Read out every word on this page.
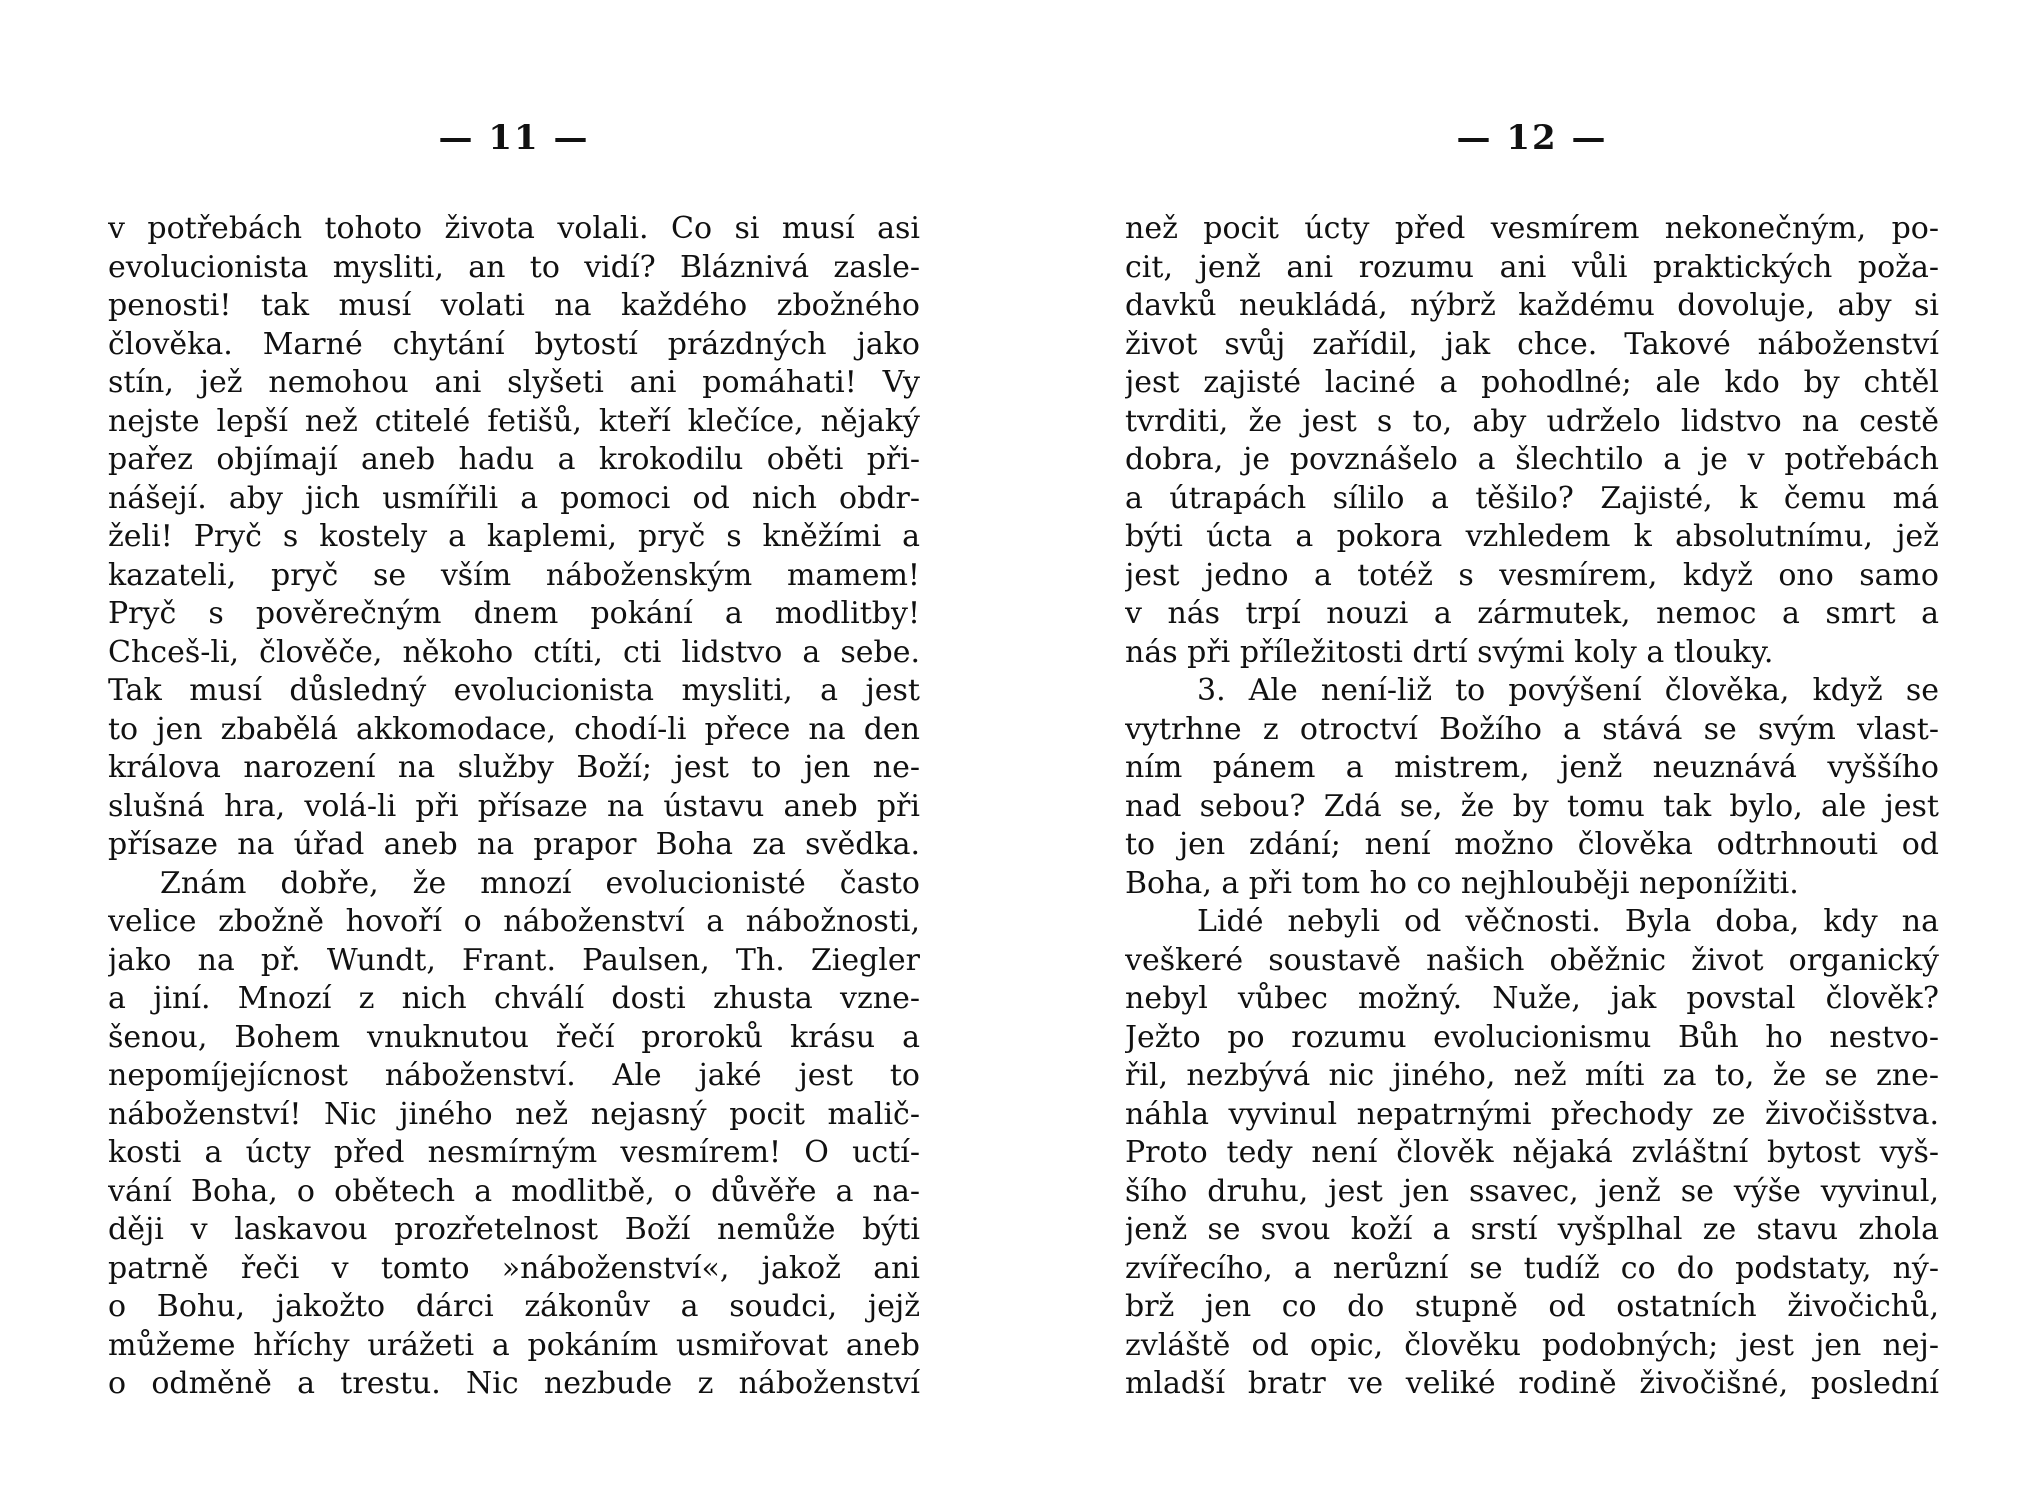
— 11 —
v potřebách tohoto života volali. Co si musí asi
evolucionista mysliti, an to vidí? Bláznivá zasle-
penosti! tak musí volati na každého zbožného
člověka. Marné chytání bytostí prázdných jako
stín, jež nemohou ani slyšeti ani pomáhati! Vy
nejste lepší než ctitelé fetišů, kteří klečíce, nějaký
pařez objímají aneb hadu a krokodilu oběti při-
nášejí. aby jich usmířili a pomoci od nich obdr-
želi! Pryč s kostely a kaplemi, pryč s kněžími a
kazateli, pryč se vším náboženským mamem!
Pryč s pověrečným dnem pokání a modlitby!
Chceš-li, člověče, někoho ctíti, cti lidstvo a sebe.
Tak musí důsledný evolucionista mysliti, a jest
to jen zbabělá akkomodace, chodí-li přece na den
králova narození na služby Boží; jest to jen ne-
slušná hra, volá-li při přísaze na ústavu aneb při
přísaze na úřad aneb na prapor Boha za svědka.
Znám dobře, že mnozí evolucionisté často
velice zbožně hovoří o náboženství a nábožnosti,
jako na př. Wundt, Frant. Paulsen, Th. Ziegler
a jiní. Mnozí z nich chválí dosti zhusta vzne-
šenou, Bohem vnuknutou řečí proroků krásu a
nepomíjejícnost náboženství. Ale jaké jest to
náboženství! Nic jiného než nejasný pocit malič-
kosti a úcty před nesmírným vesmírem! O uctí-
vání Boha, o obětech a modlitbě, o důvěře a na-
ději v laskavou prozřetelnost Boží nemůže býti
patrně řeči v tomto »náboženství«, jakož ani
o Bohu, jakožto dárci zákonův a soudci, jejž
můžeme hříchy urážeti a pokáním usmiřovat aneb
o odměně a trestu. Nic nezbude z náboženství
— 12 —
než pocit úcty před vesmírem nekonečným, po-
cit, jenž ani rozumu ani vůli praktických poža-
davků neukládá, nýbrž každému dovoluje, aby si
život svůj zařídil, jak chce. Takové náboženství
jest zajisté laciné a pohodlné; ale kdo by chtěl
tvrditi, že jest s to, aby udrželo lidstvo na cestě
dobra, je povznášelo a šlechtilo a je v potřebách
a útrapách sílilo a těšilo? Zajisté, k čemu má
býti úcta a pokora vzhledem k absolutnímu, jež
jest jedno a totéž s vesmírem, když ono samo
v nás trpí nouzi a zármutek, nemoc a smrt a
nás při příležitosti drtí svými koly a tlouky.
3. Ale není-liž to povýšení člověka, když se
vytrhne z otroctví Božího a stává se svým vlast-
ním pánem a mistrem, jenž neuznává vyššího
nad sebou? Zdá se, že by tomu tak bylo, ale jest
to jen zdání; není možno člověka odtrhnouti od
Boha, a při tom ho co nejhlouběji neponížiti.
Lidé nebyli od věčnosti. Byla doba, kdy na
veškeré soustavě našich oběžnic život organický
nebyl vůbec možný. Nuže, jak povstal člověk?
Ježto po rozumu evolucionismu Bůh ho nestvo-
řil, nezbývá nic jiného, než míti za to, že se zne-
náhla vyvinul nepatrnými přechody ze živočišstva.
Proto tedy není člověk nějaká zvláštní bytost vyš-
šího druhu, jest jen ssavec, jenž se výše vyvinul,
jenž se svou koží a srstí vyšplhal ze stavu zhola
zvířecího, a nerůzní se tudíž co do podstaty, ný-
brž jen co do stupně od ostatních živočichů,
zvláště od opic, člověku podobných; jest jen nej-
mladší bratr ve veliké rodině živočišné, poslední
